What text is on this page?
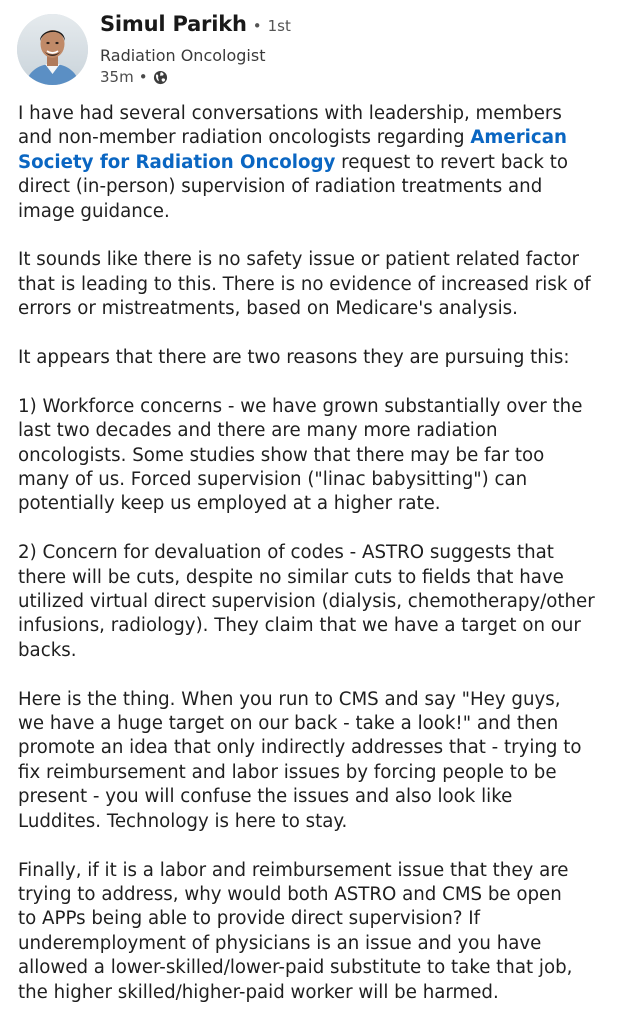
Simul Parikh • 1st
Radiation Oncologist
35m •

I have had several conversations with leadership, members
and non-member radiation oncologists regarding American
Society for Radiation Oncology request to revert back to
direct (in-person) supervision of radiation treatments and
image guidance.

It sounds like there is no safety issue or patient related factor
that is leading to this. There is no evidence of increased risk of
errors or mistreatments, based on Medicare's analysis.

It appears that there are two reasons they are pursuing this:

1) Workforce concerns - we have grown substantially over the
last two decades and there are many more radiation
oncologists. Some studies show that there may be far too
many of us. Forced supervision ("linac babysitting") can
potentially keep us employed at a higher rate.

2) Concern for devaluation of codes - ASTRO suggests that
there will be cuts, despite no similar cuts to fields that have
utilized virtual direct supervision (dialysis, chemotherapy/other
infusions, radiology). They claim that we have a target on our
backs.

Here is the thing. When you run to CMS and say "Hey guys,
we have a huge target on our back - take a look!" and then
promote an idea that only indirectly addresses that - trying to
fix reimbursement and labor issues by forcing people to be
present - you will confuse the issues and also look like
Luddites. Technology is here to stay.

Finally, if it is a labor and reimbursement issue that they are
trying to address, why would both ASTRO and CMS be open
to APPs being able to provide direct supervision? If
underemployment of physicians is an issue and you have
allowed a lower-skilled/lower-paid substitute to take that job,
the higher skilled/higher-paid worker will be harmed.
